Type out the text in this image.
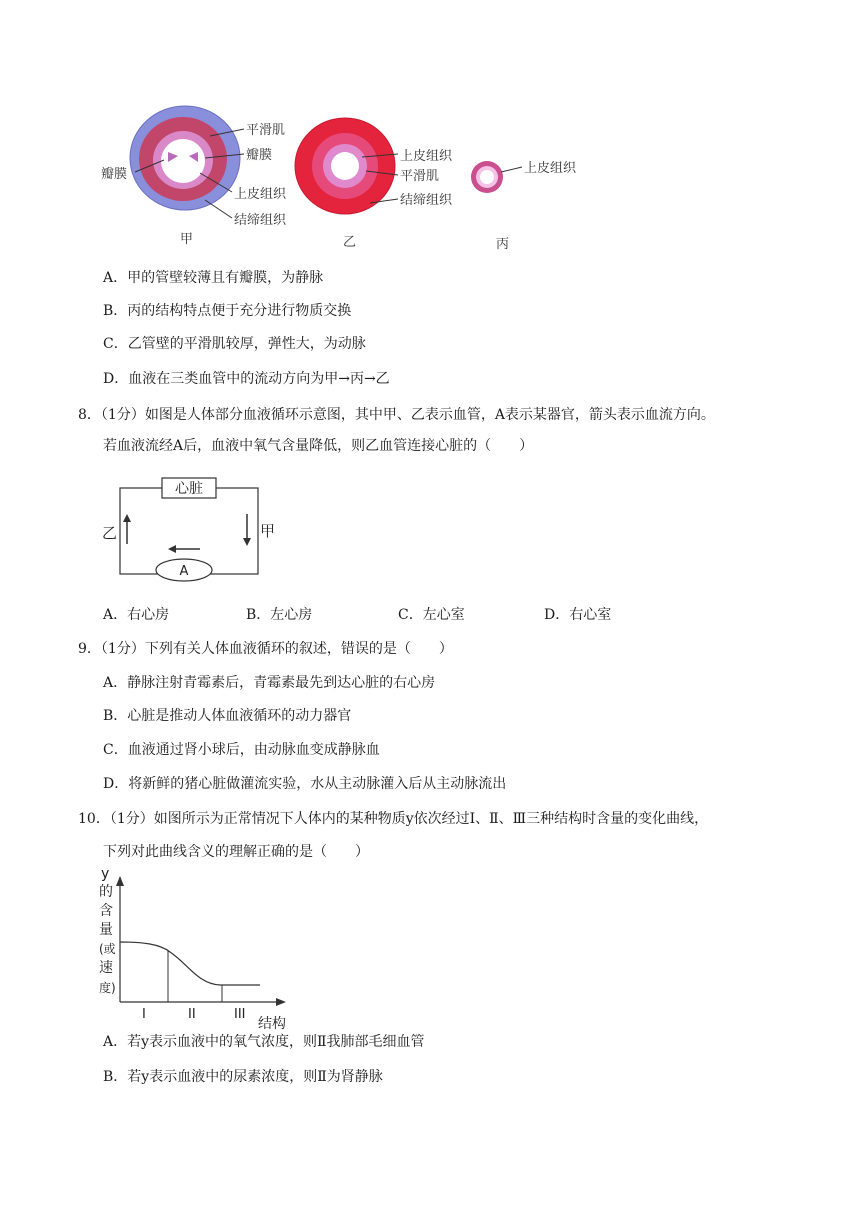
平滑肌
瓣膜
瓣膜
上皮组织
结缔组织
上皮组织
平滑肌
结缔组织
上皮组织
甲	乙	丙
A．甲的管壁较薄且有瓣膜，为静脉
B．丙的结构特点便于充分进行物质交换
C．乙管壁的平滑肌较厚，弹性大，为动脉
D．血液在三类血管中的流动方向为甲→丙→乙
8．（1分）如图是人体部分血液循环示意图，其中甲、乙表示血管，A表示某器官，箭头表示血流方向。
若血液流经A后，血液中氧气含量降低，则乙血管连接心脏的（　　）
心脏
A
乙	甲
A．右心房	B．左心房	C．左心室	D．右心室
9．（1分）下列有关人体血液循环的叙述，错误的是（　　）
A．静脉注射青霉素后，青霉素最先到达心脏的右心房
B．心脏是推动人体血液循环的动力器官
C．血液通过肾小球后，由动脉血变成静脉血
D．将新鲜的猪心脏做灌流实验，水从主动脉灌入后从主动脉流出
10．（1分）如图所示为正常情况下人体内的某种物质y依次经过Ⅰ、Ⅱ、Ⅲ三种结构时含量的变化曲线，
下列对此曲线含义的理解正确的是（　　）
y
的
含
量
(或
速
度)
I	II	III
结构
A．若y表示血液中的氧气浓度，则Ⅱ我肺部毛细血管
B．若y表示血液中的尿素浓度，则Ⅱ为肾静脉
